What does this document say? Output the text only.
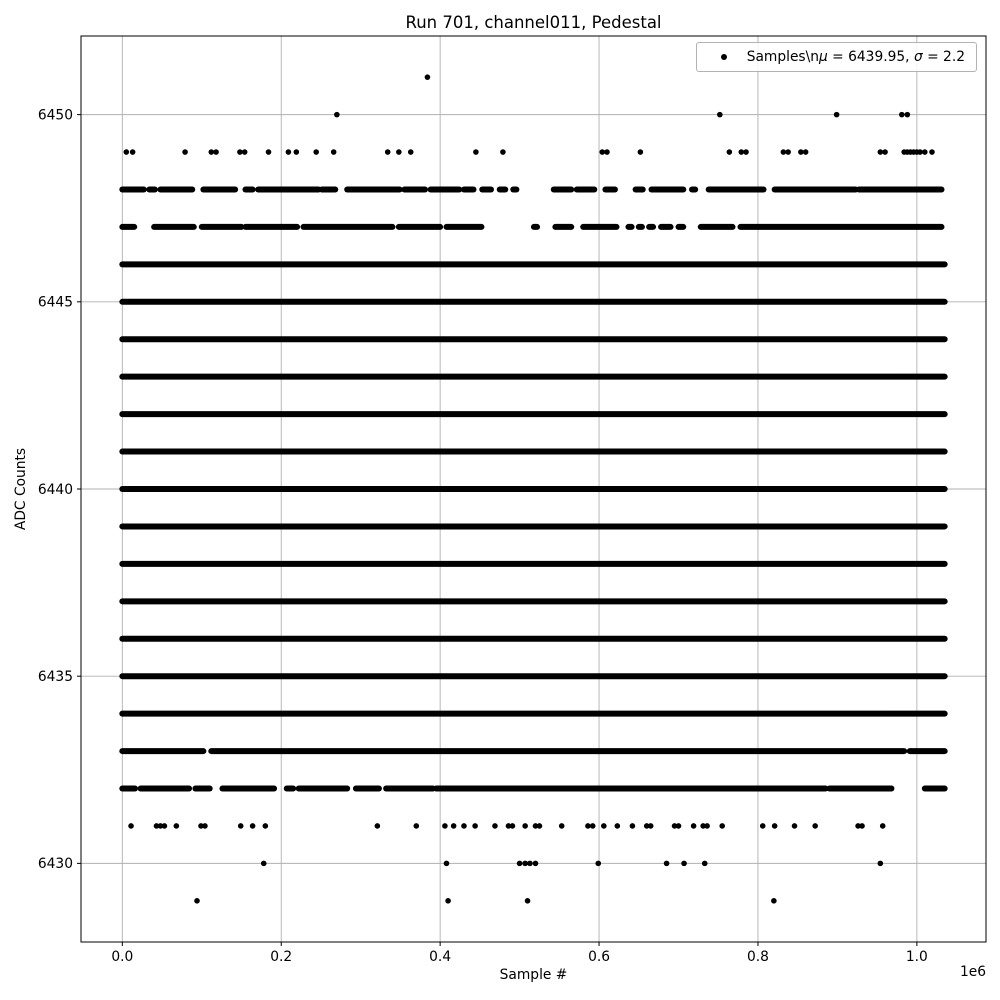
Run 701, channel011, Pedestal
0.0	0.2	0.4	0.6	0.8	1.0
6430
6435
6440
6445
6450
Samples\nμ = 6439.95, σ = 2.2
Sample #
ADC Counts
1e6
